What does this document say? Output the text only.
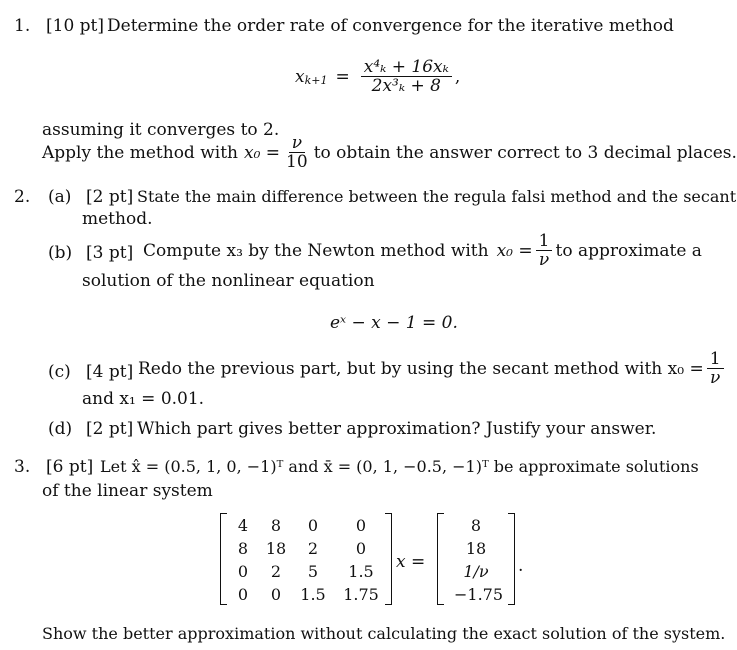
1. [10 pt] Determine the order rate of convergence for the iterative method
$x_{k+1} = \frac{\text{x⁴ₖ + 16xₖ}}{\text{2x³ₖ + 8}}$ ,
assuming it converges to 2.
Apply the method with $x_0 = \frac{\nu}{10}$ to obtain the answer correct to 3 decimal places.
2. (a) [2 pt] State the main difference between the regula falsi method and the secant
method.
(b) [3 pt] Compute x₃ by the Newton method with $x_0 = \frac{1}{\nu}$ to approximate a
solution of the nonlinear equation
eˣ − x − 1 = 0.
(c) [4 pt] Redo the previous part, but by using the secant method with $x_0 = \frac{1}{\nu}$
and x₁ = 0.01.
(d) [2 pt] Which part gives better approximation? Justify your answer.
3. [6 pt] Let x̂ = (0.5, 1, 0, −1)ᵀ and x̄ = (0, 1, −0.5, −1)ᵀ be approximate solutions
of the linear system
4	8	0	0
8	18	2	0
0	2	5	1.5
0	0	1.5	1.75
x =
8
18
1/ν
−1.75
.
Show the better approximation without calculating the exact solution of the system.
